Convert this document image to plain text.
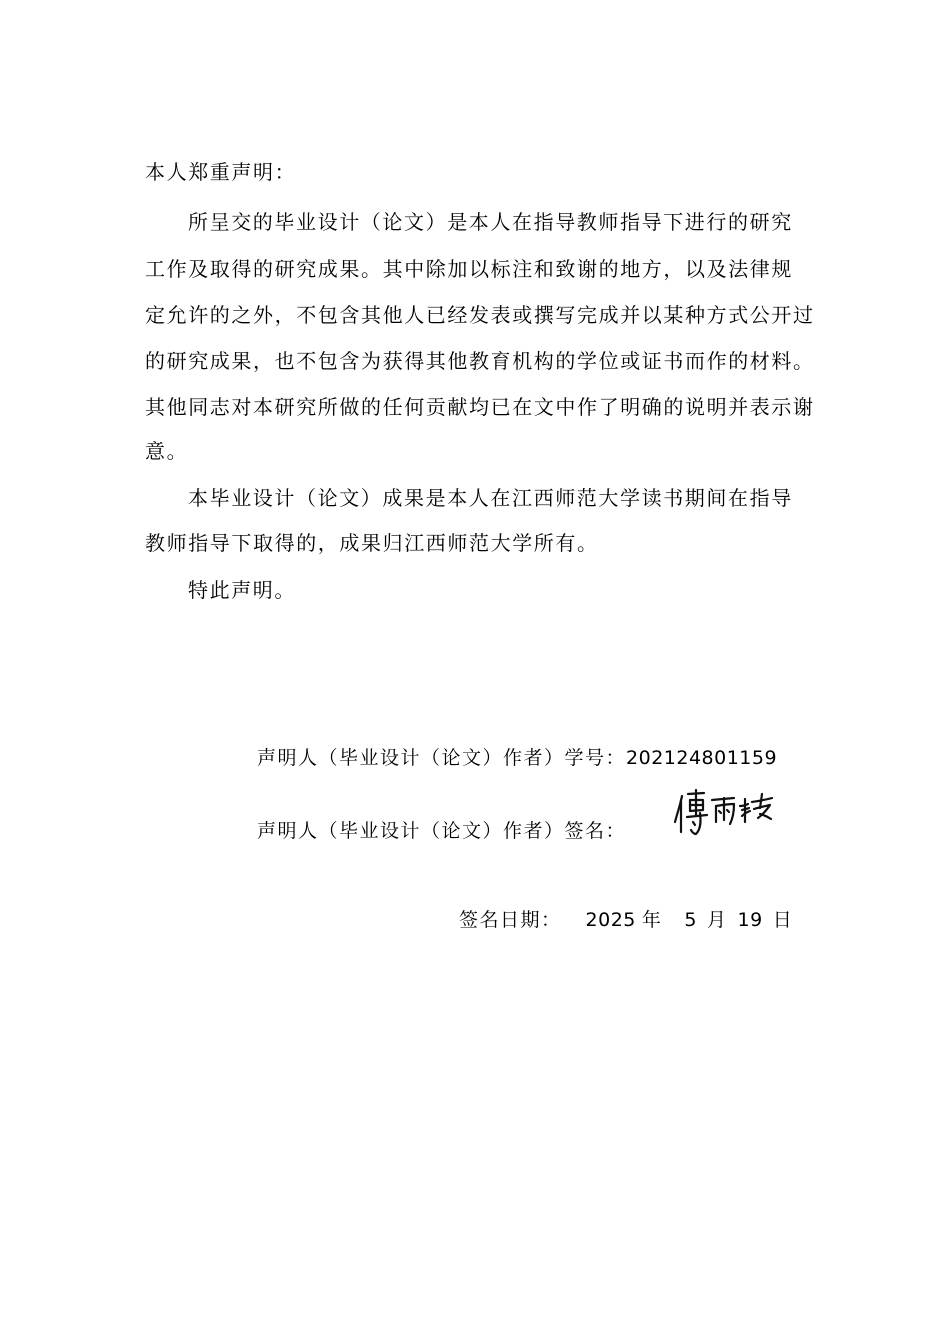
本人郑重声明：
所呈交的毕业设计（论文）是本人在指导教师指导下进行的研究
工作及取得的研究成果。其中除加以标注和致谢的地方，以及法律规
定允许的之外，不包含其他人已经发表或撰写完成并以某种方式公开过
的研究成果，也不包含为获得其他教育机构的学位或证书而作的材料。
其他同志对本研究所做的任何贡献均已在文中作了明确的说明并表示谢
意。
本毕业设计（论文）成果是本人在江西师范大学读书期间在指导
教师指导下取得的，成果归江西师范大学所有。
特此声明。
声明人（毕业设计（论文）作者）学号：202124801159
声明人（毕业设计（论文）作者）签名：
签名日期： 2025 年 5 月 19 日
